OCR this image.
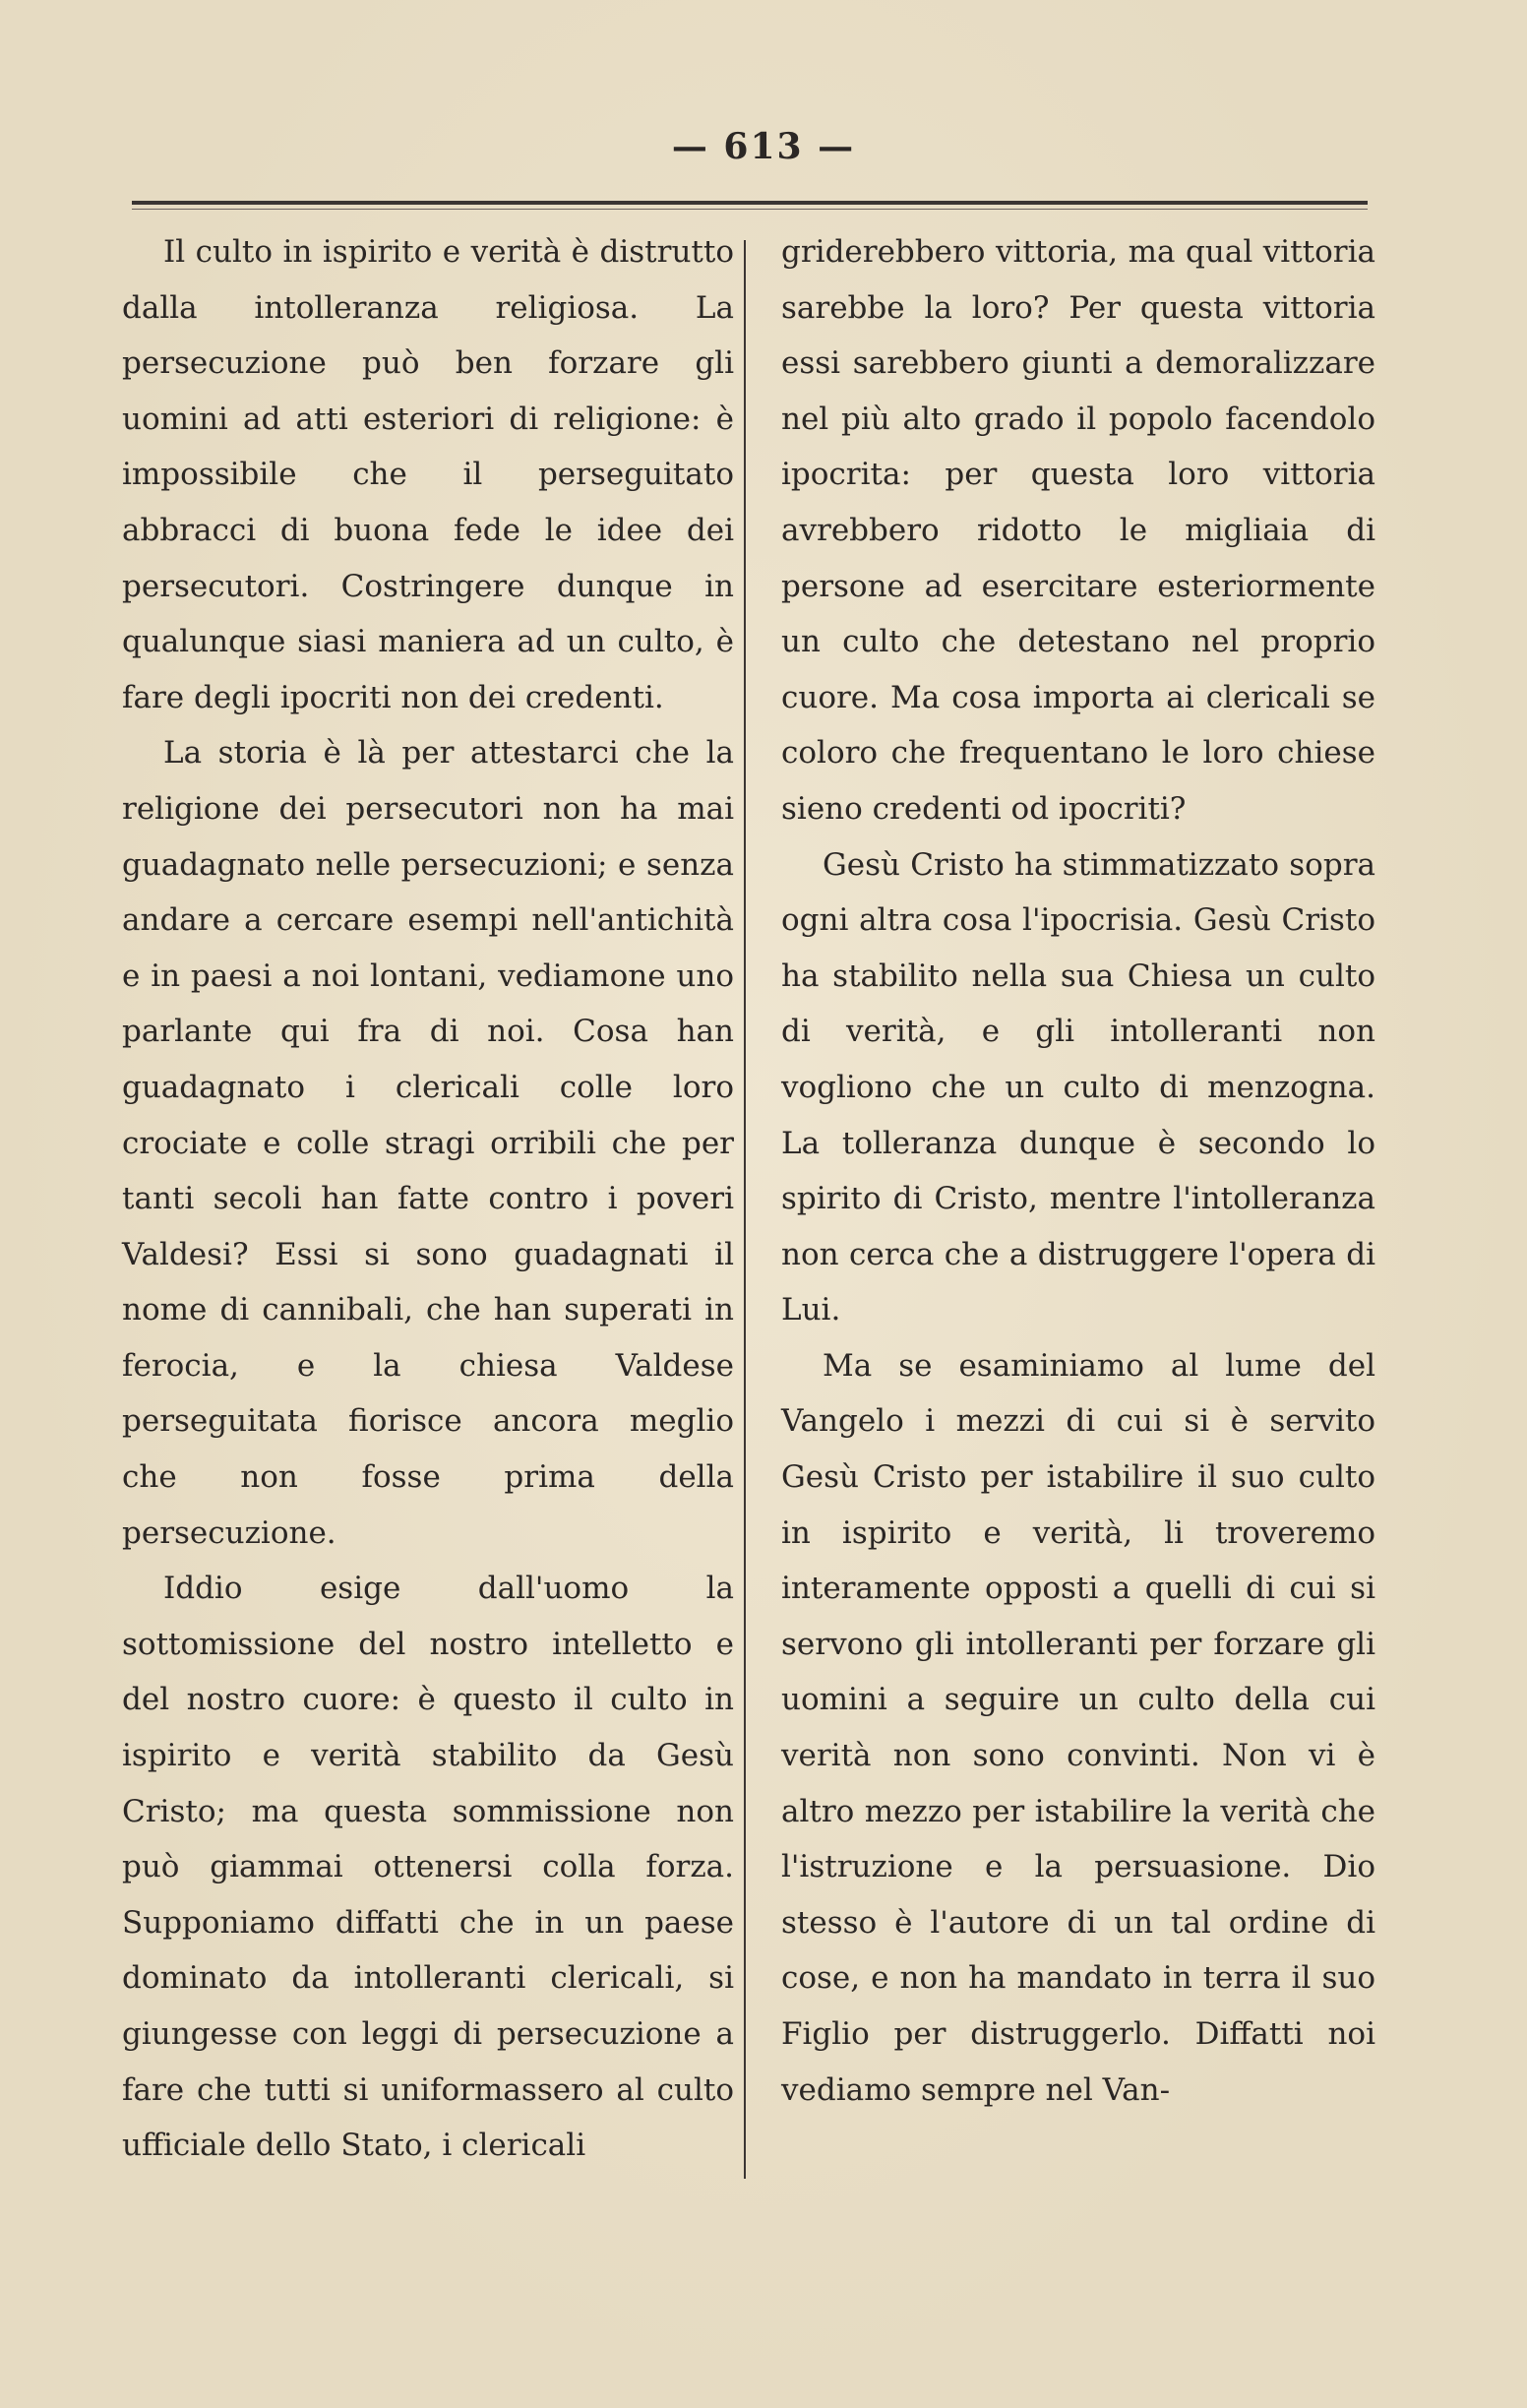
— 613 —

Il culto in ispirito e verità è distrutto dalla intolleranza religiosa. La persecuzione può ben forzare gli uomini ad atti esteriori di religione: è impossibile che il perseguitato abbracci di buona fede le idee dei persecutori. Costringere dunque in qualunque siasi maniera ad un culto, è fare degli ipocriti non dei credenti.

La storia è là per attestarci che la religione dei persecutori non ha mai guadagnato nelle persecuzioni; e senza andare a cercare esempi nell'antichità e in paesi a noi lontani, vediamone uno parlante qui fra di noi. Cosa han guadagnato i clericali colle loro crociate e colle stragi orribili che per tanti secoli han fatte contro i poveri Valdesi? Essi si sono guadagnati il nome di cannibali, che han superati in ferocia, e la chiesa Valdese perseguitata fiorisce ancora meglio che non fosse prima della persecuzione.

Iddio esige dall'uomo la sottomissione del nostro intelletto e del nostro cuore: è questo il culto in ispirito e verità stabilito da Gesù Cristo; ma questa sommissione non può giammai ottenersi colla forza. Supponiamo diffatti che in un paese dominato da intolleranti clericali, si giungesse con leggi di persecuzione a fare che tutti si uniformassero al culto ufficiale dello Stato, i clericali

griderebbero vittoria, ma qual vittoria sarebbe la loro? Per questa vittoria essi sarebbero giunti a demoralizzare nel più alto grado il popolo facendolo ipocrita: per questa loro vittoria avrebbero ridotto le migliaia di persone ad esercitare esteriormente un culto che detestano nel proprio cuore. Ma cosa importa ai clericali se coloro che frequentano le loro chiese sieno credenti od ipocriti?

Gesù Cristo ha stimmatizzato sopra ogni altra cosa l'ipocrisia. Gesù Cristo ha stabilito nella sua Chiesa un culto di verità, e gli intolleranti non vogliono che un culto di menzogna. La tolleranza dunque è secondo lo spirito di Cristo, mentre l'intolleranza non cerca che a distruggere l'opera di Lui.

Ma se esaminiamo al lume del Vangelo i mezzi di cui si è servito Gesù Cristo per istabilire il suo culto in ispirito e verità, li troveremo interamente opposti a quelli di cui si servono gli intolleranti per forzare gli uomini a seguire un culto della cui verità non sono convinti. Non vi è altro mezzo per istabilire la verità che l'istruzione e la persuasione. Dio stesso è l'autore di un tal ordine di cose, e non ha mandato in terra il suo Figlio per distruggerlo. Diffatti noi vediamo sempre nel Van-
